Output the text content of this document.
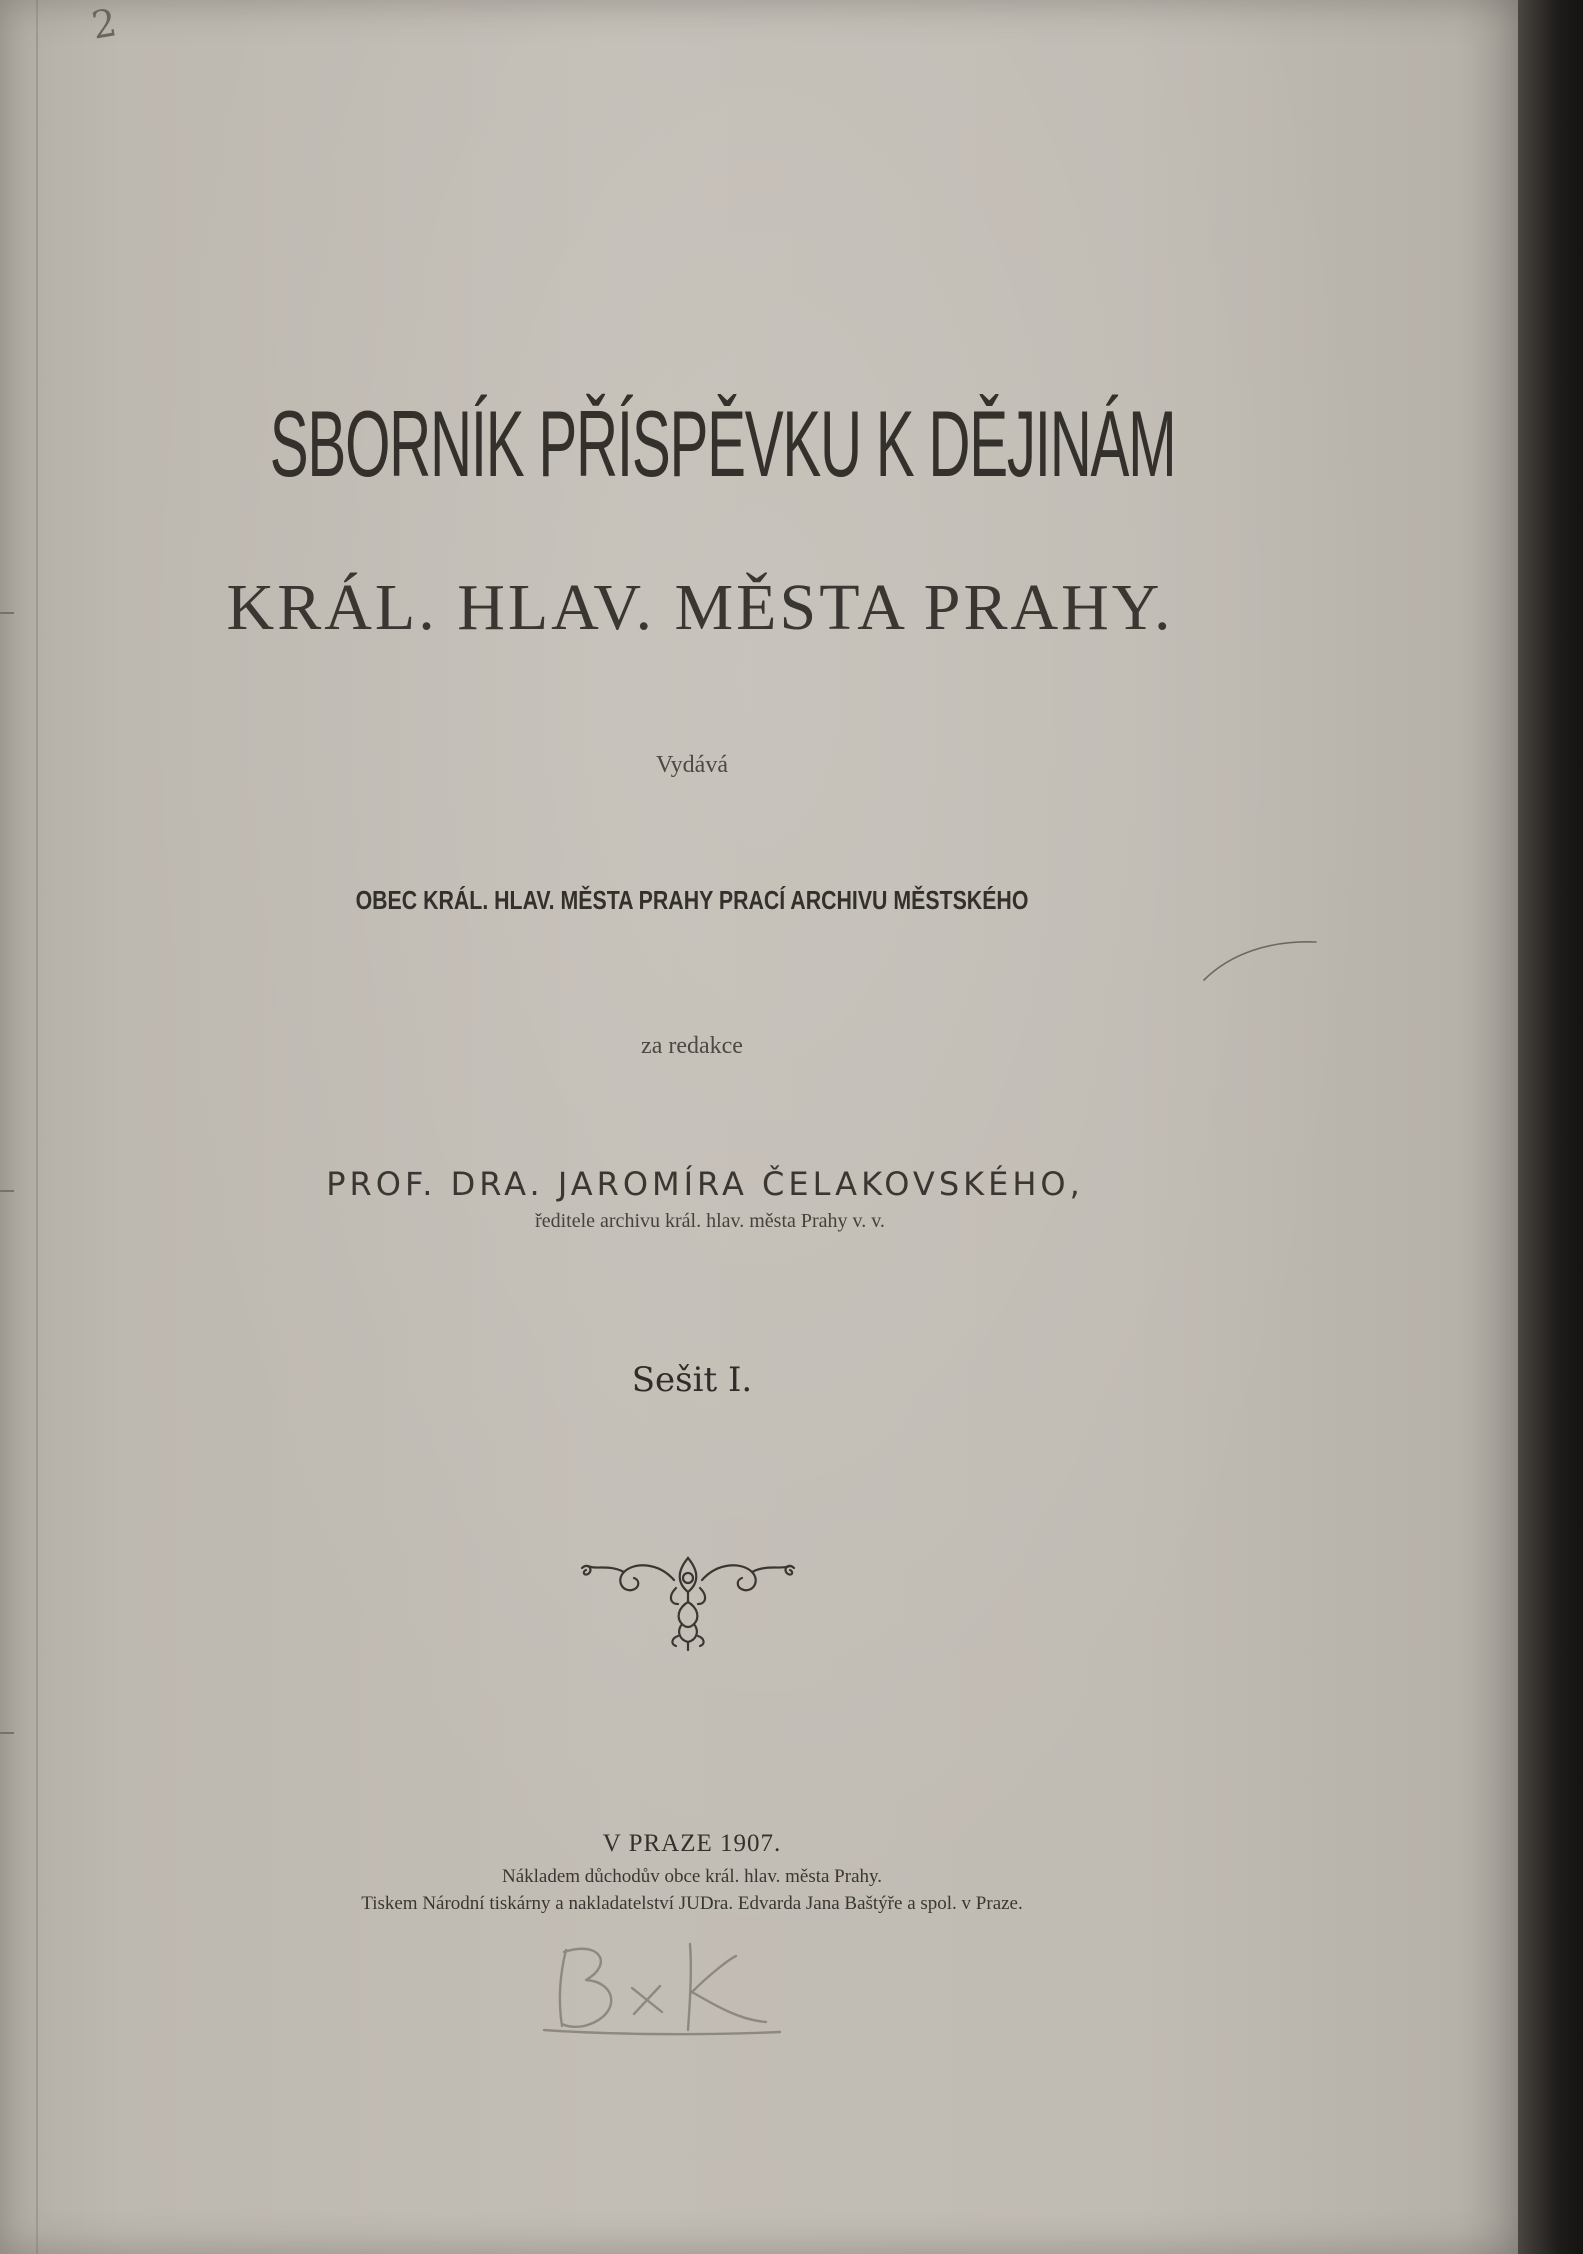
2
SBORNÍK PŘÍSPĚVKU K DĚJINÁM
KRÁL. HLAV. MĚSTA PRAHY.
Vydává
OBEC KRÁL. HLAV. MĚSTA PRAHY PRACÍ ARCHIVU MĚSTSKÉHO
za redakce
PROF. DRA. JAROMÍRA ČELAKOVSKÉHO,
ředitele archivu král. hlav. města Prahy v. v.
Sešit I.
V PRAZE 1907.
Nákladem důchodův obce král. hlav. města Prahy.
Tiskem Národní tiskárny a nakladatelství JUDra. Edvarda Jana Baštýře a spol. v Praze.
